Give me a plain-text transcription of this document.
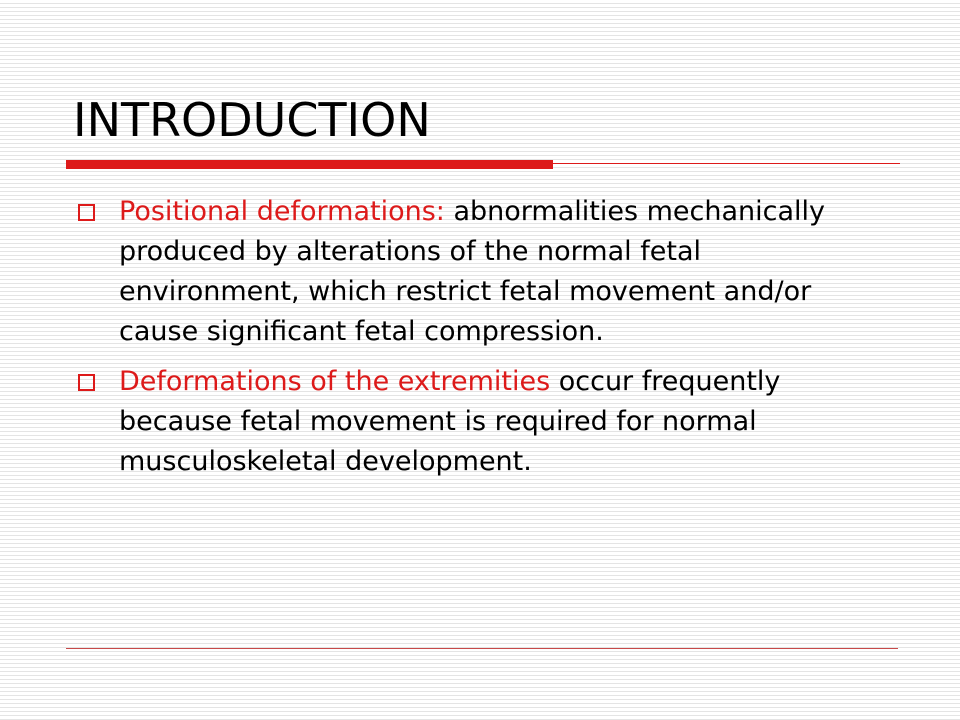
INTRODUCTION
Positional deformations: abnormalities mechanically produced by alterations of the normal fetal environment, which restrict fetal movement and/or cause significant fetal compression.
Deformations of the extremities occur frequently because fetal movement is required for normal musculoskeletal development.
